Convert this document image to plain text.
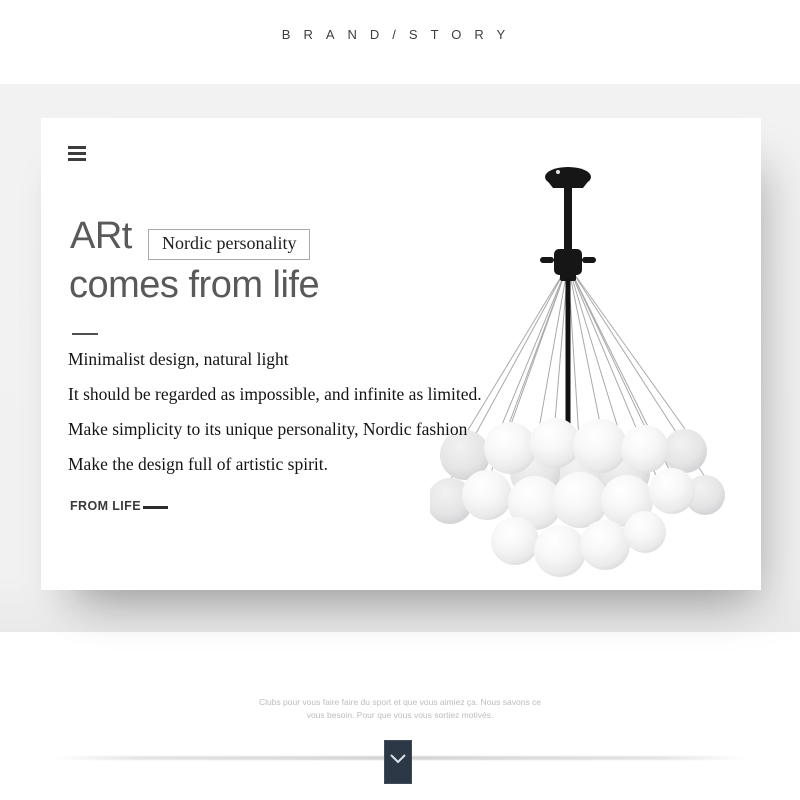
BRAND/STORY
ARt	Nordic personality
comes from life
Minimalist design, natural light
It should be regarded as impossible, and infinite as limited.
Make simplicity to its unique personality, Nordic fashion
Make the design full of artistic spirit.
FROM LIFE
Clubs pour vous faire faire du sport et que vous aimiez ça. Nous savons ce
vous besoin. Pour que vous vous sortiez motivés.
